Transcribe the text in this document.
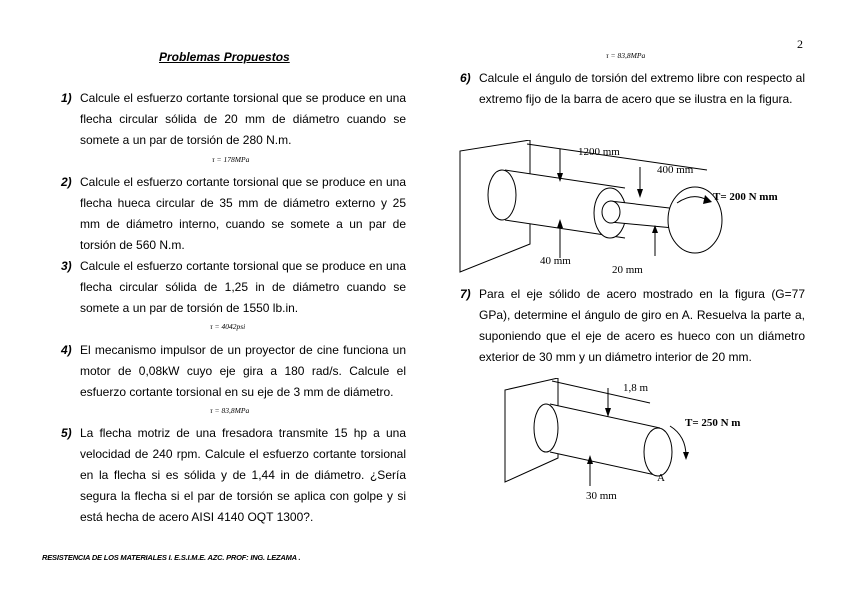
2
Problemas Propuestos
1) Calcule el esfuerzo cortante torsional que se produce en una flecha circular sólida de 20 mm de diámetro cuando se somete a un par de torsión de 280 N.m.
τ = 178MPa
2) Calcule el esfuerzo cortante torsional que se produce en una flecha hueca circular de 35 mm de diámetro externo y 25 mm de diámetro interno, cuando se somete a un par de torsión de 560 N.m.
3) Calcule el esfuerzo cortante torsional que se produce en una flecha circular sólida de 1,25 in de diámetro cuando se somete a un par de torsión de 1550 lb.in.
τ = 4042psi
4) El mecanismo impulsor de un proyector de cine funciona un motor de 0,08kW cuyo eje gira a 180 rad/s. Calcule el esfuerzo cortante torsional en su eje de 3 mm de diámetro.
τ = 83,8MPa
5) La flecha motriz de una fresadora transmite 15 hp a una velocidad de 240 rpm. Calcule el esfuerzo cortante torsional en la flecha si es sólida y de 1,44 in de diámetro. ¿Sería segura la flecha si el par de torsión se aplica con golpe y si está hecha de acero AISI 4140 OQT 1300?.
τ = 83,8MPa
6) Calcule el ángulo de torsión del extremo libre con respecto al extremo fijo de la barra de acero que se ilustra en la figura.
1200 mm
400 mm
T= 200 N mm
40 mm
20 mm
7) Para el eje sólido de acero mostrado en la figura (G=77 GPa), determine el ángulo de giro en A. Resuelva la parte a, suponiendo que el eje de acero es hueco con un diámetro exterior de 30 mm y un diámetro interior de 20 mm.
1,8 m
T= 250 N m
A
30 mm
RESISTENCIA DE LOS MATERIALES I. E.S.I.M.E. AZC. PROF: ING. LEZAMA .
